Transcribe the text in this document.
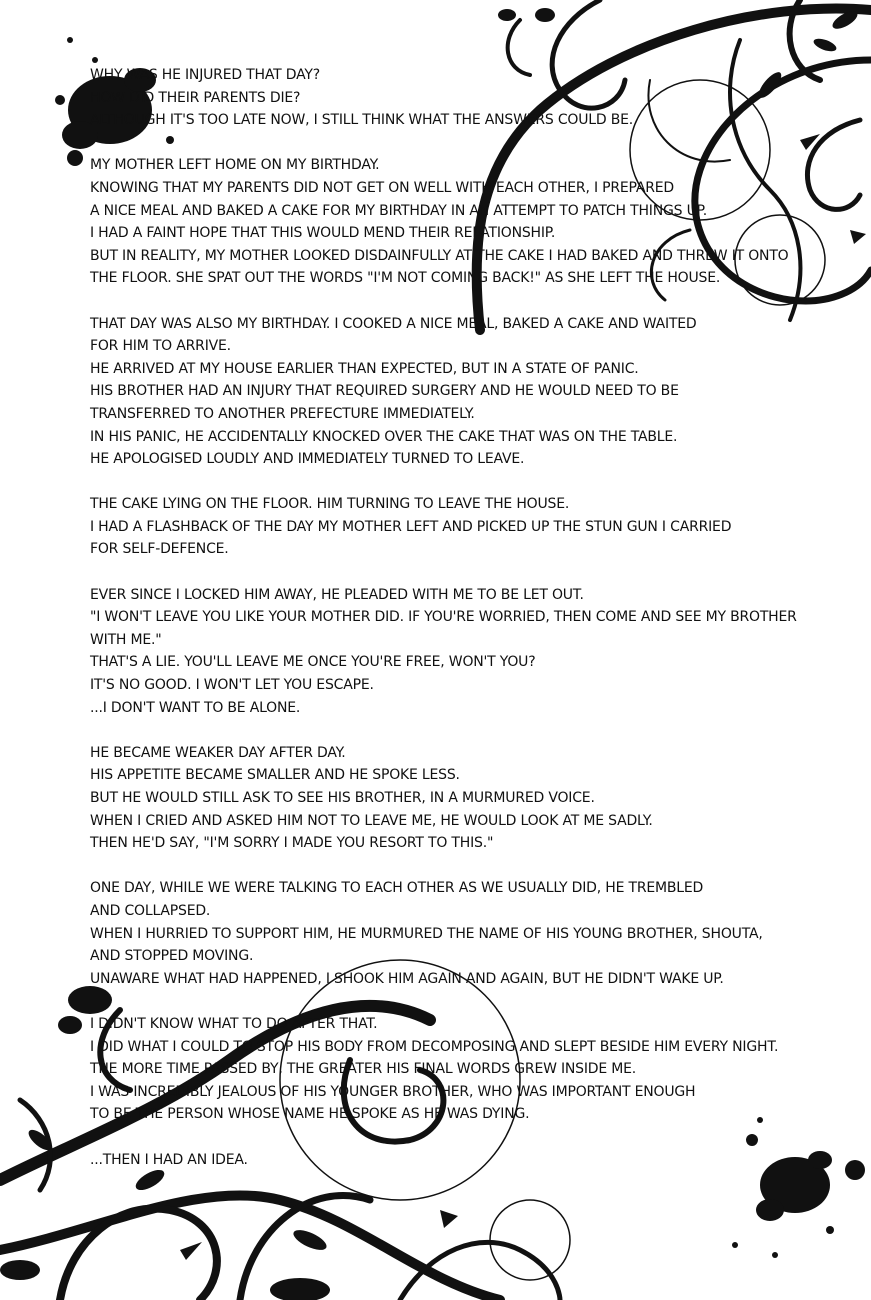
WHY WAS HE INJURED THAT DAY?
HOW DID THEIR PARENTS DIE?
ALTHOUGH IT'S TOO LATE NOW, I STILL THINK WHAT THE ANSWERS COULD BE.
MY MOTHER LEFT HOME ON MY BIRTHDAY.
KNOWING THAT MY PARENTS DID NOT GET ON WELL WITH EACH OTHER, I PREPARED
A NICE MEAL AND BAKED A CAKE FOR MY BIRTHDAY IN AN ATTEMPT TO PATCH THINGS UP.
I HAD A FAINT HOPE THAT THIS WOULD MEND THEIR RELATIONSHIP.
BUT IN REALITY, MY MOTHER LOOKED DISDAINFULLY AT THE CAKE I HAD BAKED AND THREW IT ONTO
THE FLOOR. SHE SPAT OUT THE WORDS "I'M NOT COMING BACK!" AS SHE LEFT THE HOUSE.
THAT DAY WAS ALSO MY BIRTHDAY. I COOKED A NICE MEAL, BAKED A CAKE AND WAITED
FOR HIM TO ARRIVE.
HE ARRIVED AT MY HOUSE EARLIER THAN EXPECTED, BUT IN A STATE OF PANIC.
HIS BROTHER HAD AN INJURY THAT REQUIRED SURGERY AND HE WOULD NEED TO BE
TRANSFERRED TO ANOTHER PREFECTURE IMMEDIATELY.
IN HIS PANIC, HE ACCIDENTALLY KNOCKED OVER THE CAKE THAT WAS ON THE TABLE.
HE APOLOGISED LOUDLY AND IMMEDIATELY TURNED TO LEAVE.
THE CAKE LYING ON THE FLOOR. HIM TURNING TO LEAVE THE HOUSE.
I HAD A FLASHBACK OF THE DAY MY MOTHER LEFT AND PICKED UP THE STUN GUN I CARRIED
FOR SELF-DEFENCE.
EVER SINCE I LOCKED HIM AWAY, HE PLEADED WITH ME TO BE LET OUT.
"I WON'T LEAVE YOU LIKE YOUR MOTHER DID. IF YOU'RE WORRIED, THEN COME AND SEE MY BROTHER
WITH ME."
THAT'S A LIE. YOU'LL LEAVE ME ONCE YOU'RE FREE, WON'T YOU?
IT'S NO GOOD. I WON'T LET YOU ESCAPE.
...I DON'T WANT TO BE ALONE.
HE BECAME WEAKER DAY AFTER DAY.
HIS APPETITE BECAME SMALLER AND HE SPOKE LESS.
BUT HE WOULD STILL ASK TO SEE HIS BROTHER, IN A MURMURED VOICE.
WHEN I CRIED AND ASKED HIM NOT TO LEAVE ME, HE WOULD LOOK AT ME SADLY.
THEN HE'D SAY, "I'M SORRY I MADE YOU RESORT TO THIS."
ONE DAY, WHILE WE WERE TALKING TO EACH OTHER AS WE USUALLY DID, HE TREMBLED
AND COLLAPSED.
WHEN I HURRIED TO SUPPORT HIM, HE MURMURED THE NAME OF HIS YOUNG BROTHER, SHOUTA,
AND STOPPED MOVING.
UNAWARE WHAT HAD HAPPENED, I SHOOK HIM AGAIN AND AGAIN, BUT HE DIDN'T WAKE UP.
I DIDN'T KNOW WHAT TO DO AFTER THAT.
I DID WHAT I COULD TO STOP HIS BODY FROM DECOMPOSING AND SLEPT BESIDE HIM EVERY NIGHT.
THE MORE TIME PASSED BY, THE GREATER HIS FINAL WORDS GREW INSIDE ME.
I WAS INCREDIBLY JEALOUS OF HIS YOUNGER BROTHER, WHO WAS IMPORTANT ENOUGH
TO BE THE PERSON WHOSE NAME HE SPOKE AS HE WAS DYING.
...THEN I HAD AN IDEA.
